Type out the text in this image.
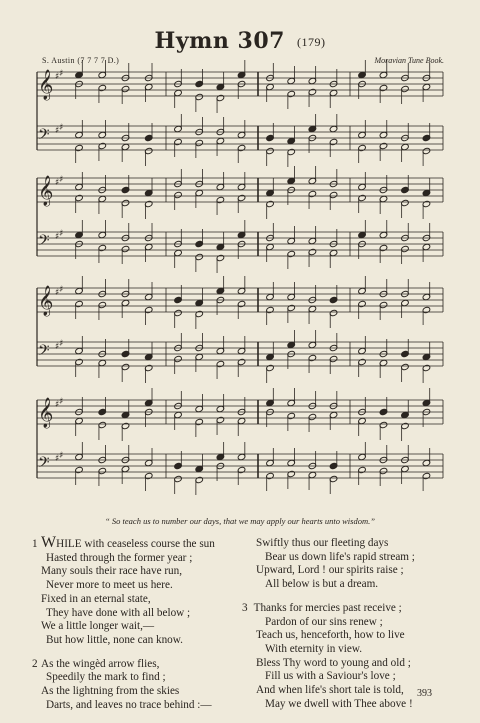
Hymn 307 (179)
S. Austin (7 7 7 7 D.)	Moravian Tune Book.
𝄞 ♯ ♯
𝄢 ♯ ♯
𝄞 ♯ ♯
𝄢 ♯ ♯
𝄞 ♯ ♯
𝄢 ♯ ♯
𝄞 ♯ ♯
𝄢 ♯ ♯
“ So teach us to number our days, that we may apply our hearts unto wisdom.”
1 WHILE with ceaseless course the sun
Hasted through the former year ;
Many souls their race have run,
Never more to meet us here.
Fixed in an eternal state,
They have done with all below ;
We a little longer wait,—
But how little, none can know.
2 As the wingèd arrow flies,
Speedily the mark to find ;
As the lightning from the skies
Darts, and leaves no trace behind :—
Swiftly thus our fleeting days
Bear us down life's rapid stream ;
Upward, Lord ! our spirits raise ;
All below is but a dream.
3 Thanks for mercies past receive ;
Pardon of our sins renew ;
Teach us, henceforth, how to live
With eternity in view.
Bless Thy word to young and old ;
Fill us with a Saviour's love ;
And when life's short tale is told,
May we dwell with Thee above !
393
